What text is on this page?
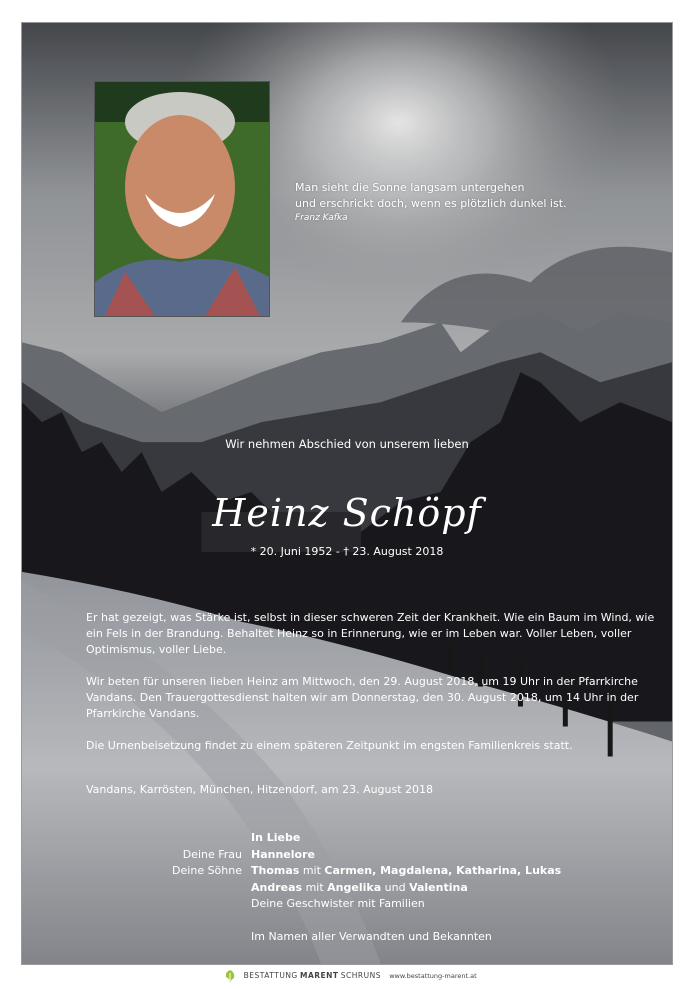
Man sieht die Sonne langsam untergehen
und erschrickt doch, wenn es plötzlich dunkel ist.
Franz Kafka
Wir nehmen Abschied von unserem lieben
Heinz Schöpf
* 20. Juni 1952 - † 23. August 2018

Er hat gezeigt, was Stärke ist, selbst in dieser schweren Zeit der Krankheit. Wie ein Baum im Wind, wie ein Fels in der Brandung. Behaltet Heinz so in Erinnerung, wie er im Leben war. Voller Leben, voller Optimismus, voller Liebe.

Wir beten für unseren lieben Heinz am Mittwoch, den 29. August 2018, um 19 Uhr in der Pfarrkirche Vandans. Den Trauergottesdienst halten wir am Donnerstag, den 30. August 2018, um 14 Uhr in der Pfarrkirche Vandans.

Die Urnenbeisetzung findet zu einem späteren Zeitpunkt im engsten Familienkreis statt.

Vandans, Karrösten, München, Hitzendorf, am 23. August 2018
Deine Frau
Deine Söhne
In Liebe
Hannelore
Thomas mit Carmen, Magdalena, Katharina, Lukas
Andreas mit Angelika und Valentina
Deine Geschwister mit Familien
Im Namen aller Verwandten und Bekannten
BESTATTUNG MARENT SCHRUNS www.bestattung-marent.at
